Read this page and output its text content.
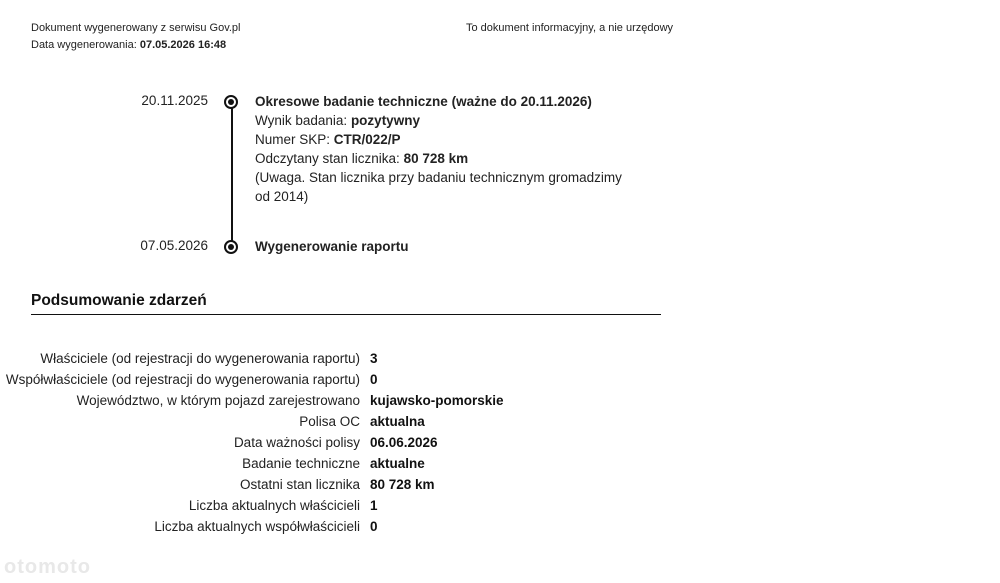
Dokument wygenerowany z serwisu Gov.pl
Data wygenerowania: 07.05.2026 16:48
To dokument informacyjny, a nie urzędowy
20.11.2025	Okresowe badanie techniczne (ważne do 20.11.2026)
Wynik badania: pozytywny
Numer SKP: CTR/022/P
Odczytany stan licznika: 80 728 km
(Uwaga. Stan licznika przy badaniu technicznym gromadzimy od 2014)
07.05.2026	Wygenerowanie raportu
Podsumowanie zdarzeń
Właściciele (od rejestracji do wygenerowania raportu) 3
Współwłaściciele (od rejestracji do wygenerowania raportu) 0
Województwo, w którym pojazd zarejestrowano kujawsko-pomorskie
Polisa OC aktualna
Data ważności polisy 06.06.2026
Badanie techniczne aktualne
Ostatni stan licznika 80 728 km
Liczba aktualnych właścicieli 1
Liczba aktualnych współwłaścicieli 0
otomoto
